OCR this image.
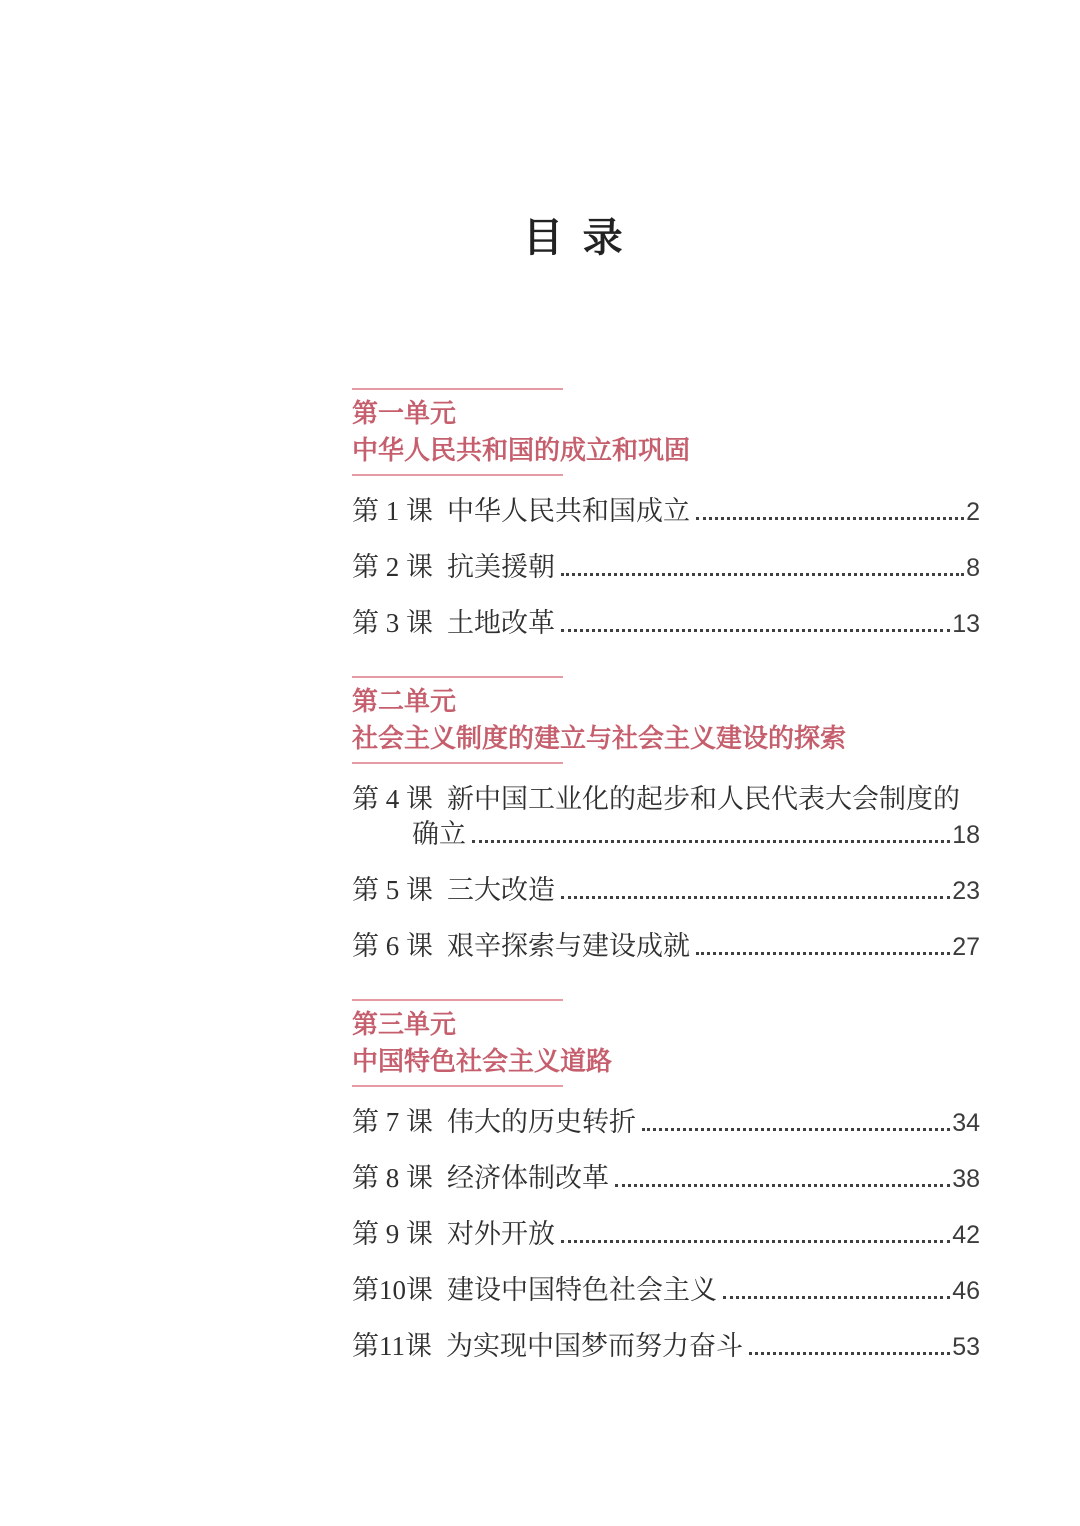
目 录
第一单元
中华人民共和国的成立和巩固
第 1 课 中华人民共和国成立	2
第 2 课 抗美援朝	8
第 3 课 土地改革	13
第二单元
社会主义制度的建立与社会主义建设的探索
第 4 课 新中国工业化的起步和人民代表大会制度的
确立	18
第 5 课 三大改造	23
第 6 课 艰辛探索与建设成就	27
第三单元
中国特色社会主义道路
第 7 课 伟大的历史转折	34
第 8 课 经济体制改革	38
第 9 课 对外开放	42
第10课 建设中国特色社会主义	46
第11课 为实现中国梦而努力奋斗	53
